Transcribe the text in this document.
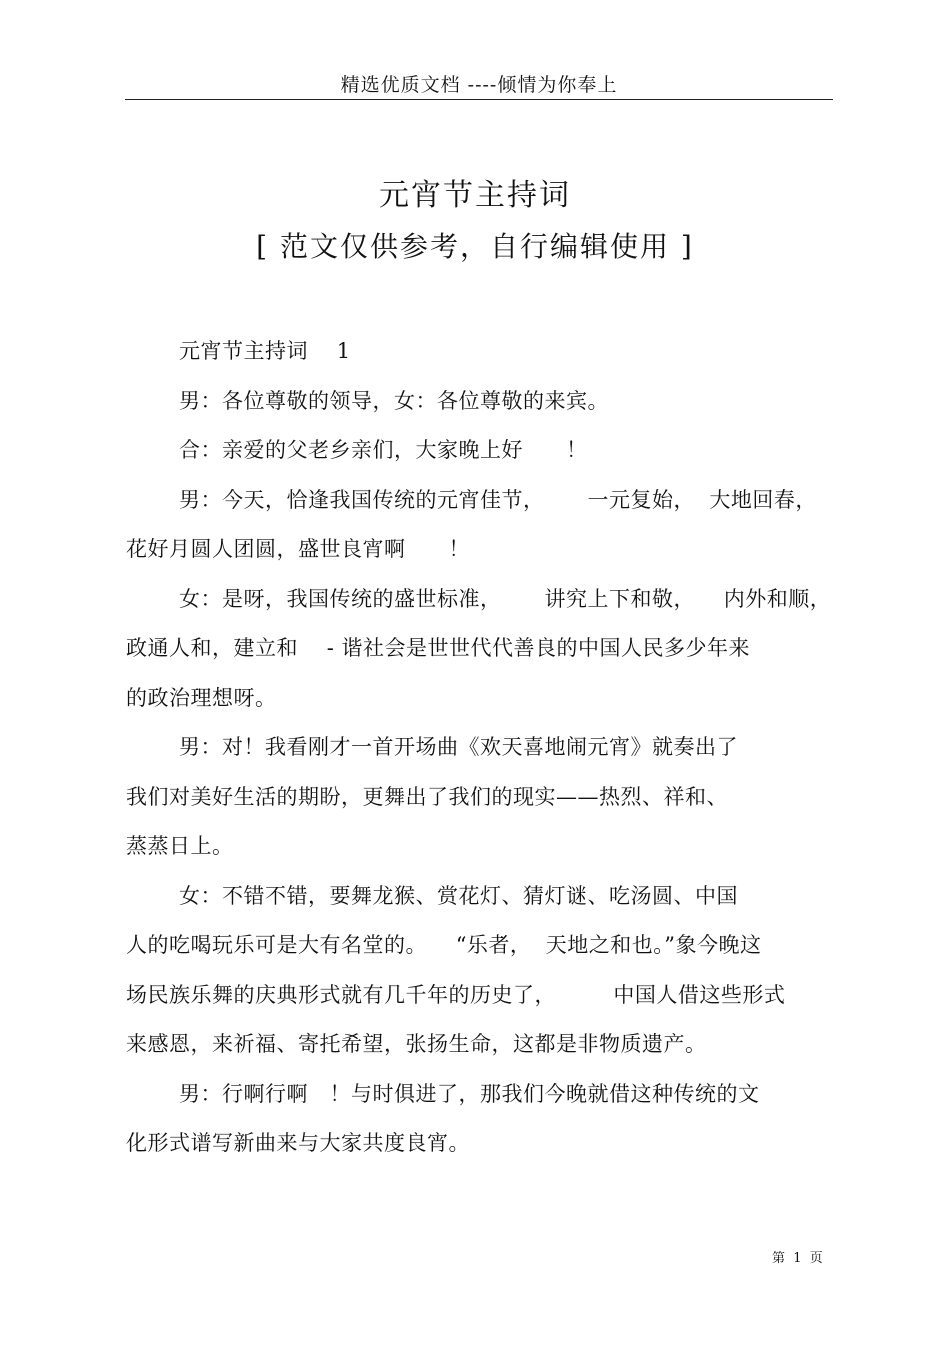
精选优质文档 ----倾情为你奉上
元宵节主持词
[ 范文仅供参考，自行编辑使用 ]

元宵节主持词    1

男：各位尊敬的领导，女：各位尊敬的来宾。

合：亲爱的父老乡亲们，大家晚上好      ！

男：今天，恰逢我国传统的元宵佳节，      一元复始，  大地回春，

花好月圆人团圆，盛世良宵啊      ！

女：是呀，我国传统的盛世标准，      讲究上下和敬，    内外和顺，

政通人和，建立和    - 谐社会是世世代代善良的中国人民多少年来

的政治理想呀。

男：对！我看刚才一首开场曲《欢天喜地闹元宵》就奏出了

我们对美好生活的期盼，更舞出了我们的现实——热烈、祥和、

蒸蒸日上。

女：不错不错，要舞龙猴、赏花灯、猜灯谜、吃汤圆、中国

人的吃喝玩乐可是大有名堂的。    “乐者，  天地之和也。”象今晚这

场民族乐舞的庆典形式就有几千年的历史了，        中国人借这些形式

来感恩，来祈福、寄托希望，张扬生命，这都是非物质遗产。

男：行啊行啊   ！与时俱进了，那我们今晚就借这种传统的文

化形式谱写新曲来与大家共度良宵。

第  1  页
